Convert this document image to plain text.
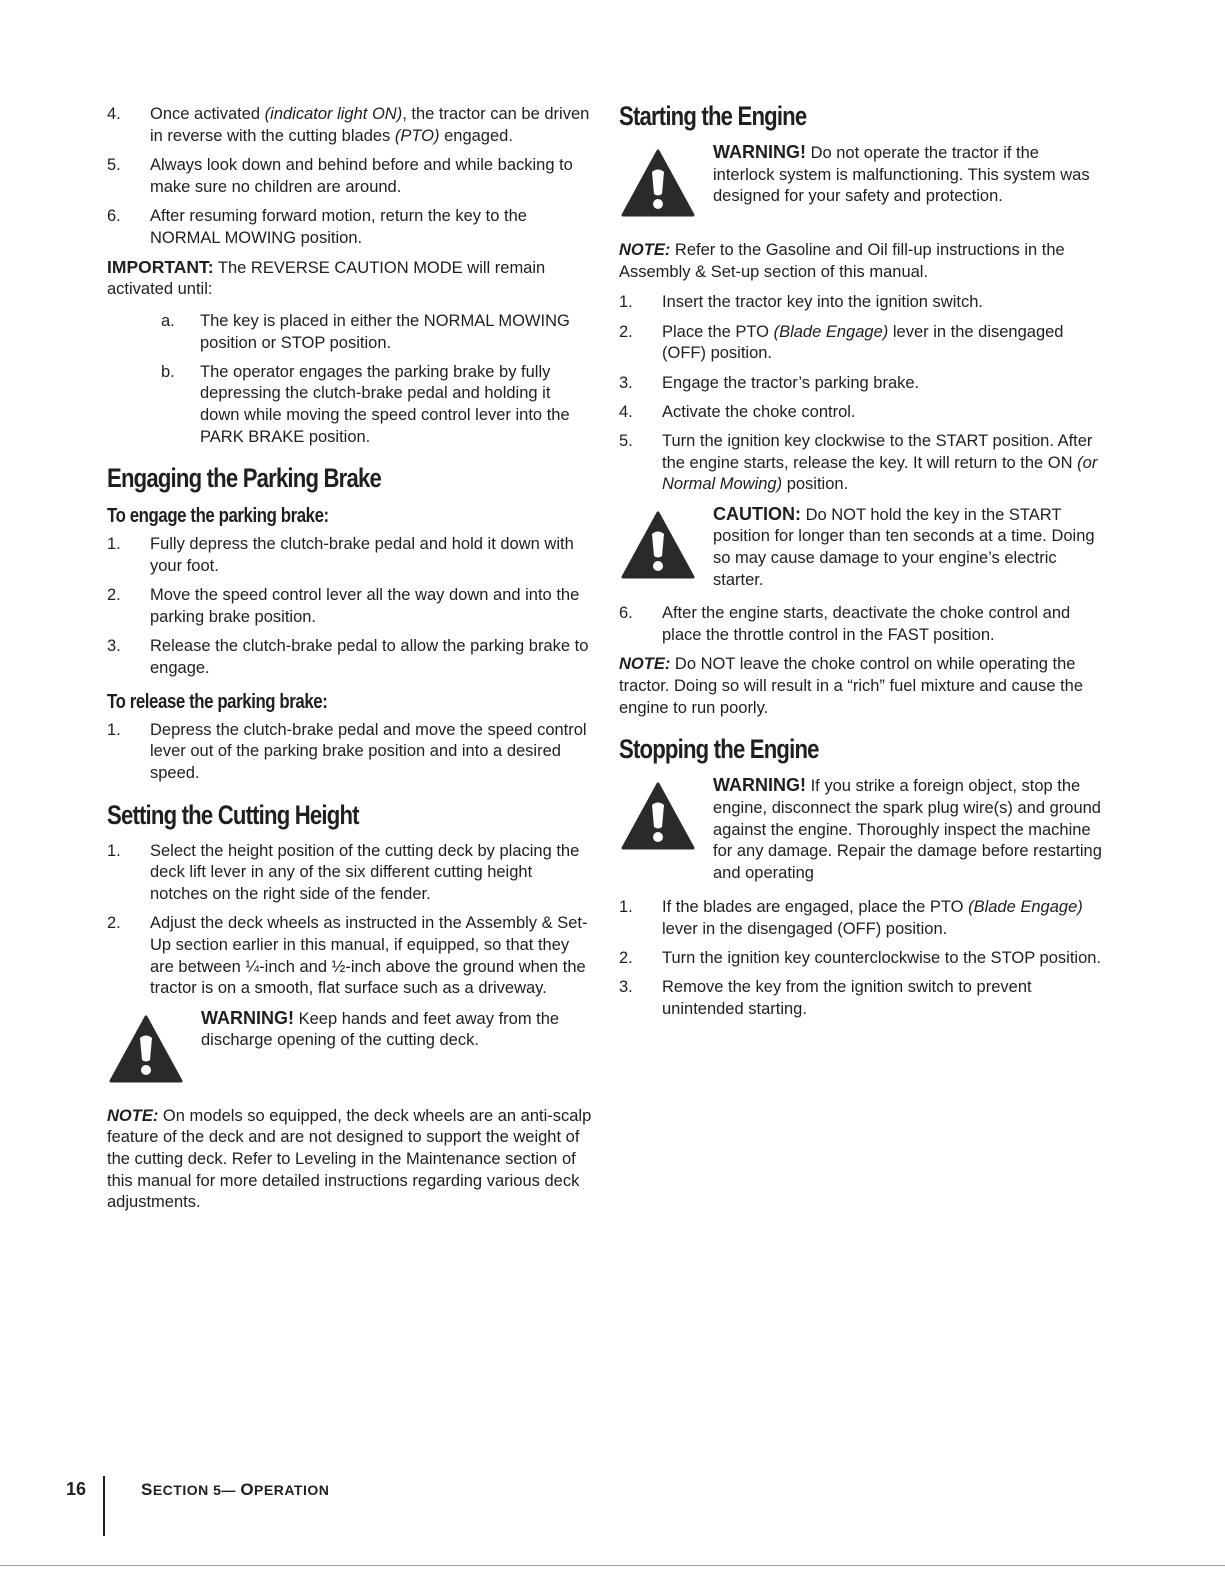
4. Once activated (indicator light ON), the tractor can be driven in reverse with the cutting blades (PTO) engaged.
5. Always look down and behind before and while backing to make sure no children are around.
6. After resuming forward motion, return the key to the NORMAL MOWING position.

IMPORTANT: The REVERSE CAUTION MODE will remain activated until:

a. The key is placed in either the NORMAL MOWING position or STOP position.
b. The operator engages the parking brake by fully depressing the clutch-brake pedal and holding it down while moving the speed control lever into the PARK BRAKE position.
Engaging the Parking Brake
To engage the parking brake:
1. Fully depress the clutch-brake pedal and hold it down with your foot.
2. Move the speed control lever all the way down and into the parking brake position.
3. Release the clutch-brake pedal to allow the parking brake to engage.
To release the parking brake:
1. Depress the clutch-brake pedal and move the speed control lever out of the parking brake position and into a desired speed.
Setting the Cutting Height
1. Select the height position of the cutting deck by placing the deck lift lever in any of the six different cutting height notches on the right side of the fender.
2. Adjust the deck wheels as instructed in the Assembly & Set-Up section earlier in this manual, if equipped, so that they are between ¼-inch and ½-inch above the ground when the tractor is on a smooth, flat surface such as a driveway.

WARNING! Keep hands and feet away from the discharge opening of the cutting deck.

NOTE: On models so equipped, the deck wheels are an anti-scalp feature of the deck and are not designed to support the weight of the cutting deck. Refer to Leveling in the Maintenance section of this manual for more detailed instructions regarding various deck adjustments.

Starting the Engine

WARNING! Do not operate the tractor if the interlock system is malfunctioning. This system was designed for your safety and protection.

NOTE: Refer to the Gasoline and Oil fill-up instructions in the Assembly & Set-up section of this manual.

1. Insert the tractor key into the ignition switch.
2. Place the PTO (Blade Engage) lever in the disengaged (OFF) position.
3. Engage the tractor’s parking brake.
4. Activate the choke control.
5. Turn the ignition key clockwise to the START position. After the engine starts, release the key. It will return to the ON (or Normal Mowing) position.

CAUTION: Do NOT hold the key in the START position for longer than ten seconds at a time. Doing so may cause damage to your engine’s electric starter.

6. After the engine starts, deactivate the choke control and place the throttle control in the FAST position.

NOTE: Do NOT leave the choke control on while operating the tractor. Doing so will result in a “rich” fuel mixture and cause the engine to run poorly.

Stopping the Engine

WARNING! If you strike a foreign object, stop the engine, disconnect the spark plug wire(s) and ground against the engine. Thoroughly inspect the machine for any damage. Repair the damage before restarting and operating

1. If the blades are engaged, place the PTO (Blade Engage) lever in the disengaged (OFF) position.
2. Turn the ignition key counterclockwise to the STOP position.
3. Remove the key from the ignition switch to prevent unintended starting.
16	SECTION 5— OPERATION
